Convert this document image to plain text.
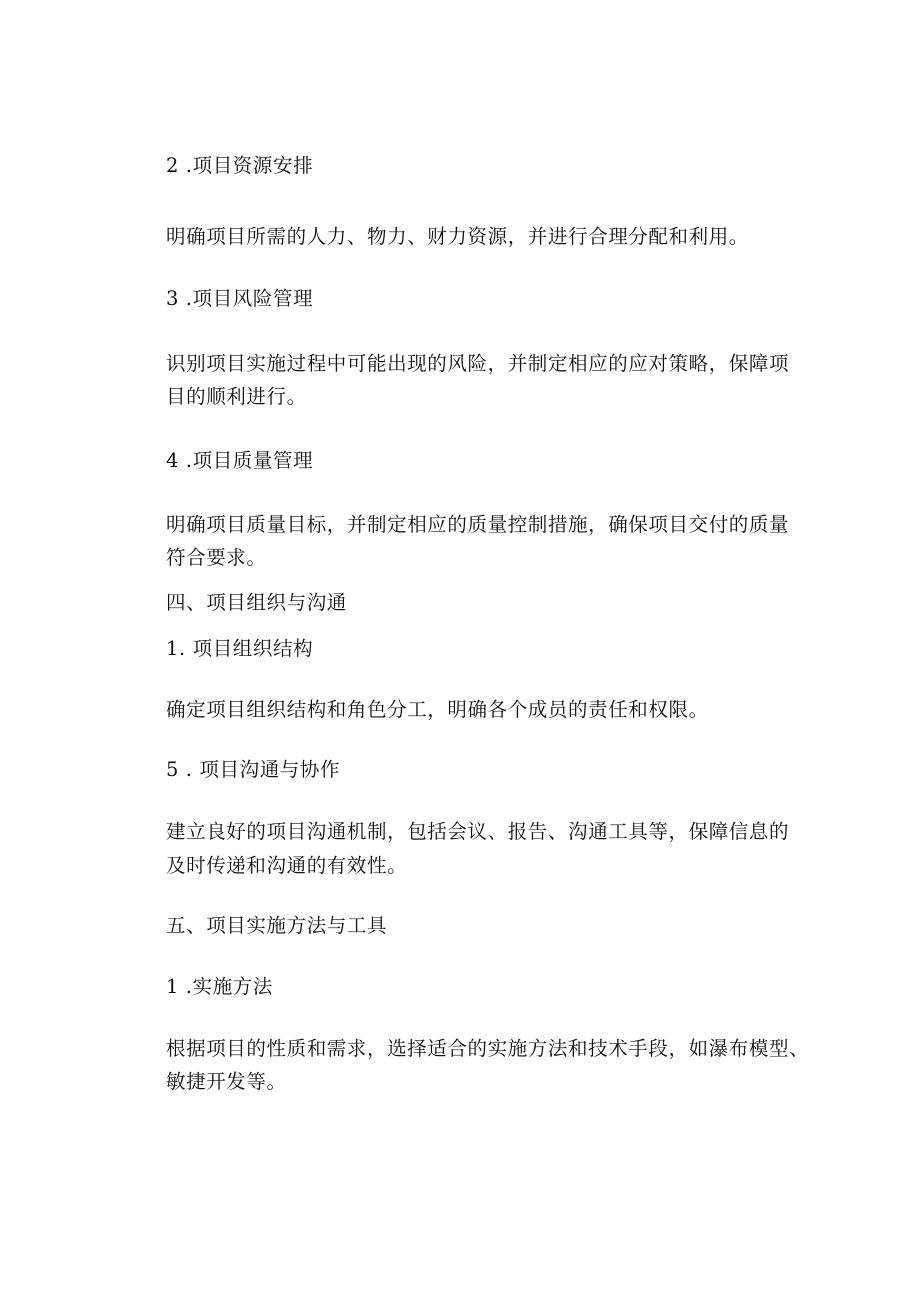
2 .项目资源安排
明确项目所需的人力、物力、财力资源，并进行合理分配和利用。
3 .项目风险管理
识别项目实施过程中可能出现的风险，并制定相应的应对策略，保障项
目的顺利进行。
4 .项目质量管理
明确项目质量目标，并制定相应的质量控制措施，确保项目交付的质量
符合要求。
四、项目组织与沟通
1. 项目组织结构
确定项目组织结构和角色分工，明确各个成员的责任和权限。
5 . 项目沟通与协作
建立良好的项目沟通机制，包括会议、报告、沟通工具等，保障信息的
及时传递和沟通的有效性。
五、项目实施方法与工具
1 .实施方法
根据项目的性质和需求，选择适合的实施方法和技术手段，如瀑布模型、
敏捷开发等。
